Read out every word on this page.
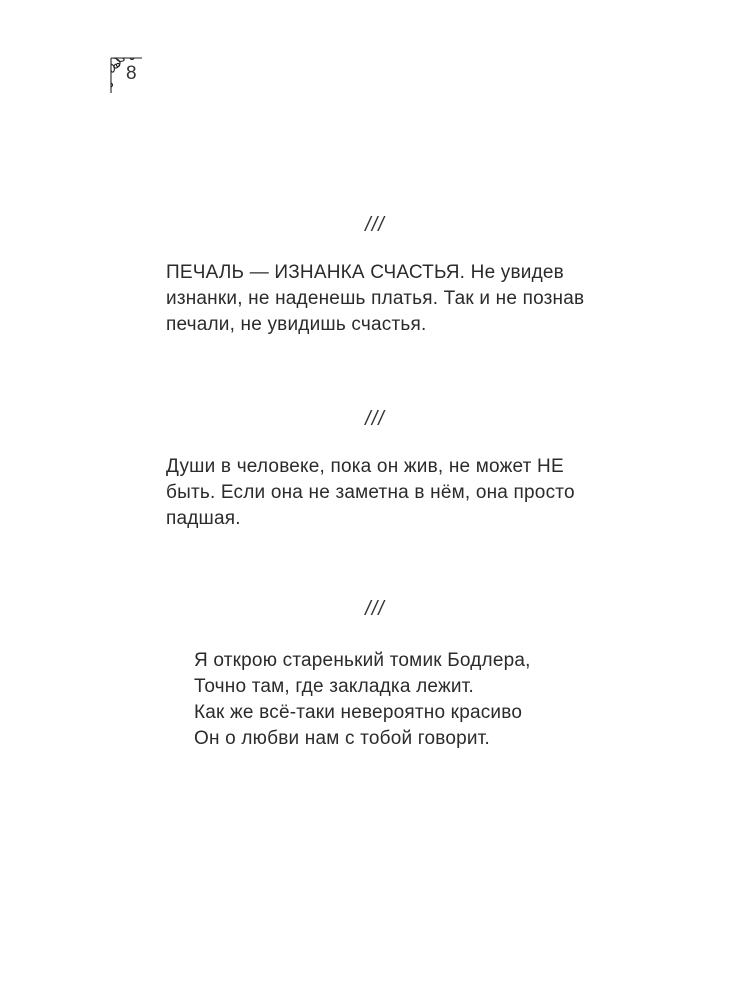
8
///
ПЕЧАЛЬ — ИЗНАНКА СЧАСТЬЯ. Не увидев изнанки, не наденешь платья. Так и не познав печали, не увидишь счастья.
///
Души в человеке, пока он жив, не может НЕ быть. Если она не заметна в нём, она просто падшая.
///
Я открою старенький томик Бодлера,
Точно там, где закладка лежит.
Как же всё-таки невероятно красиво
Он о любви нам с тобой говорит.
